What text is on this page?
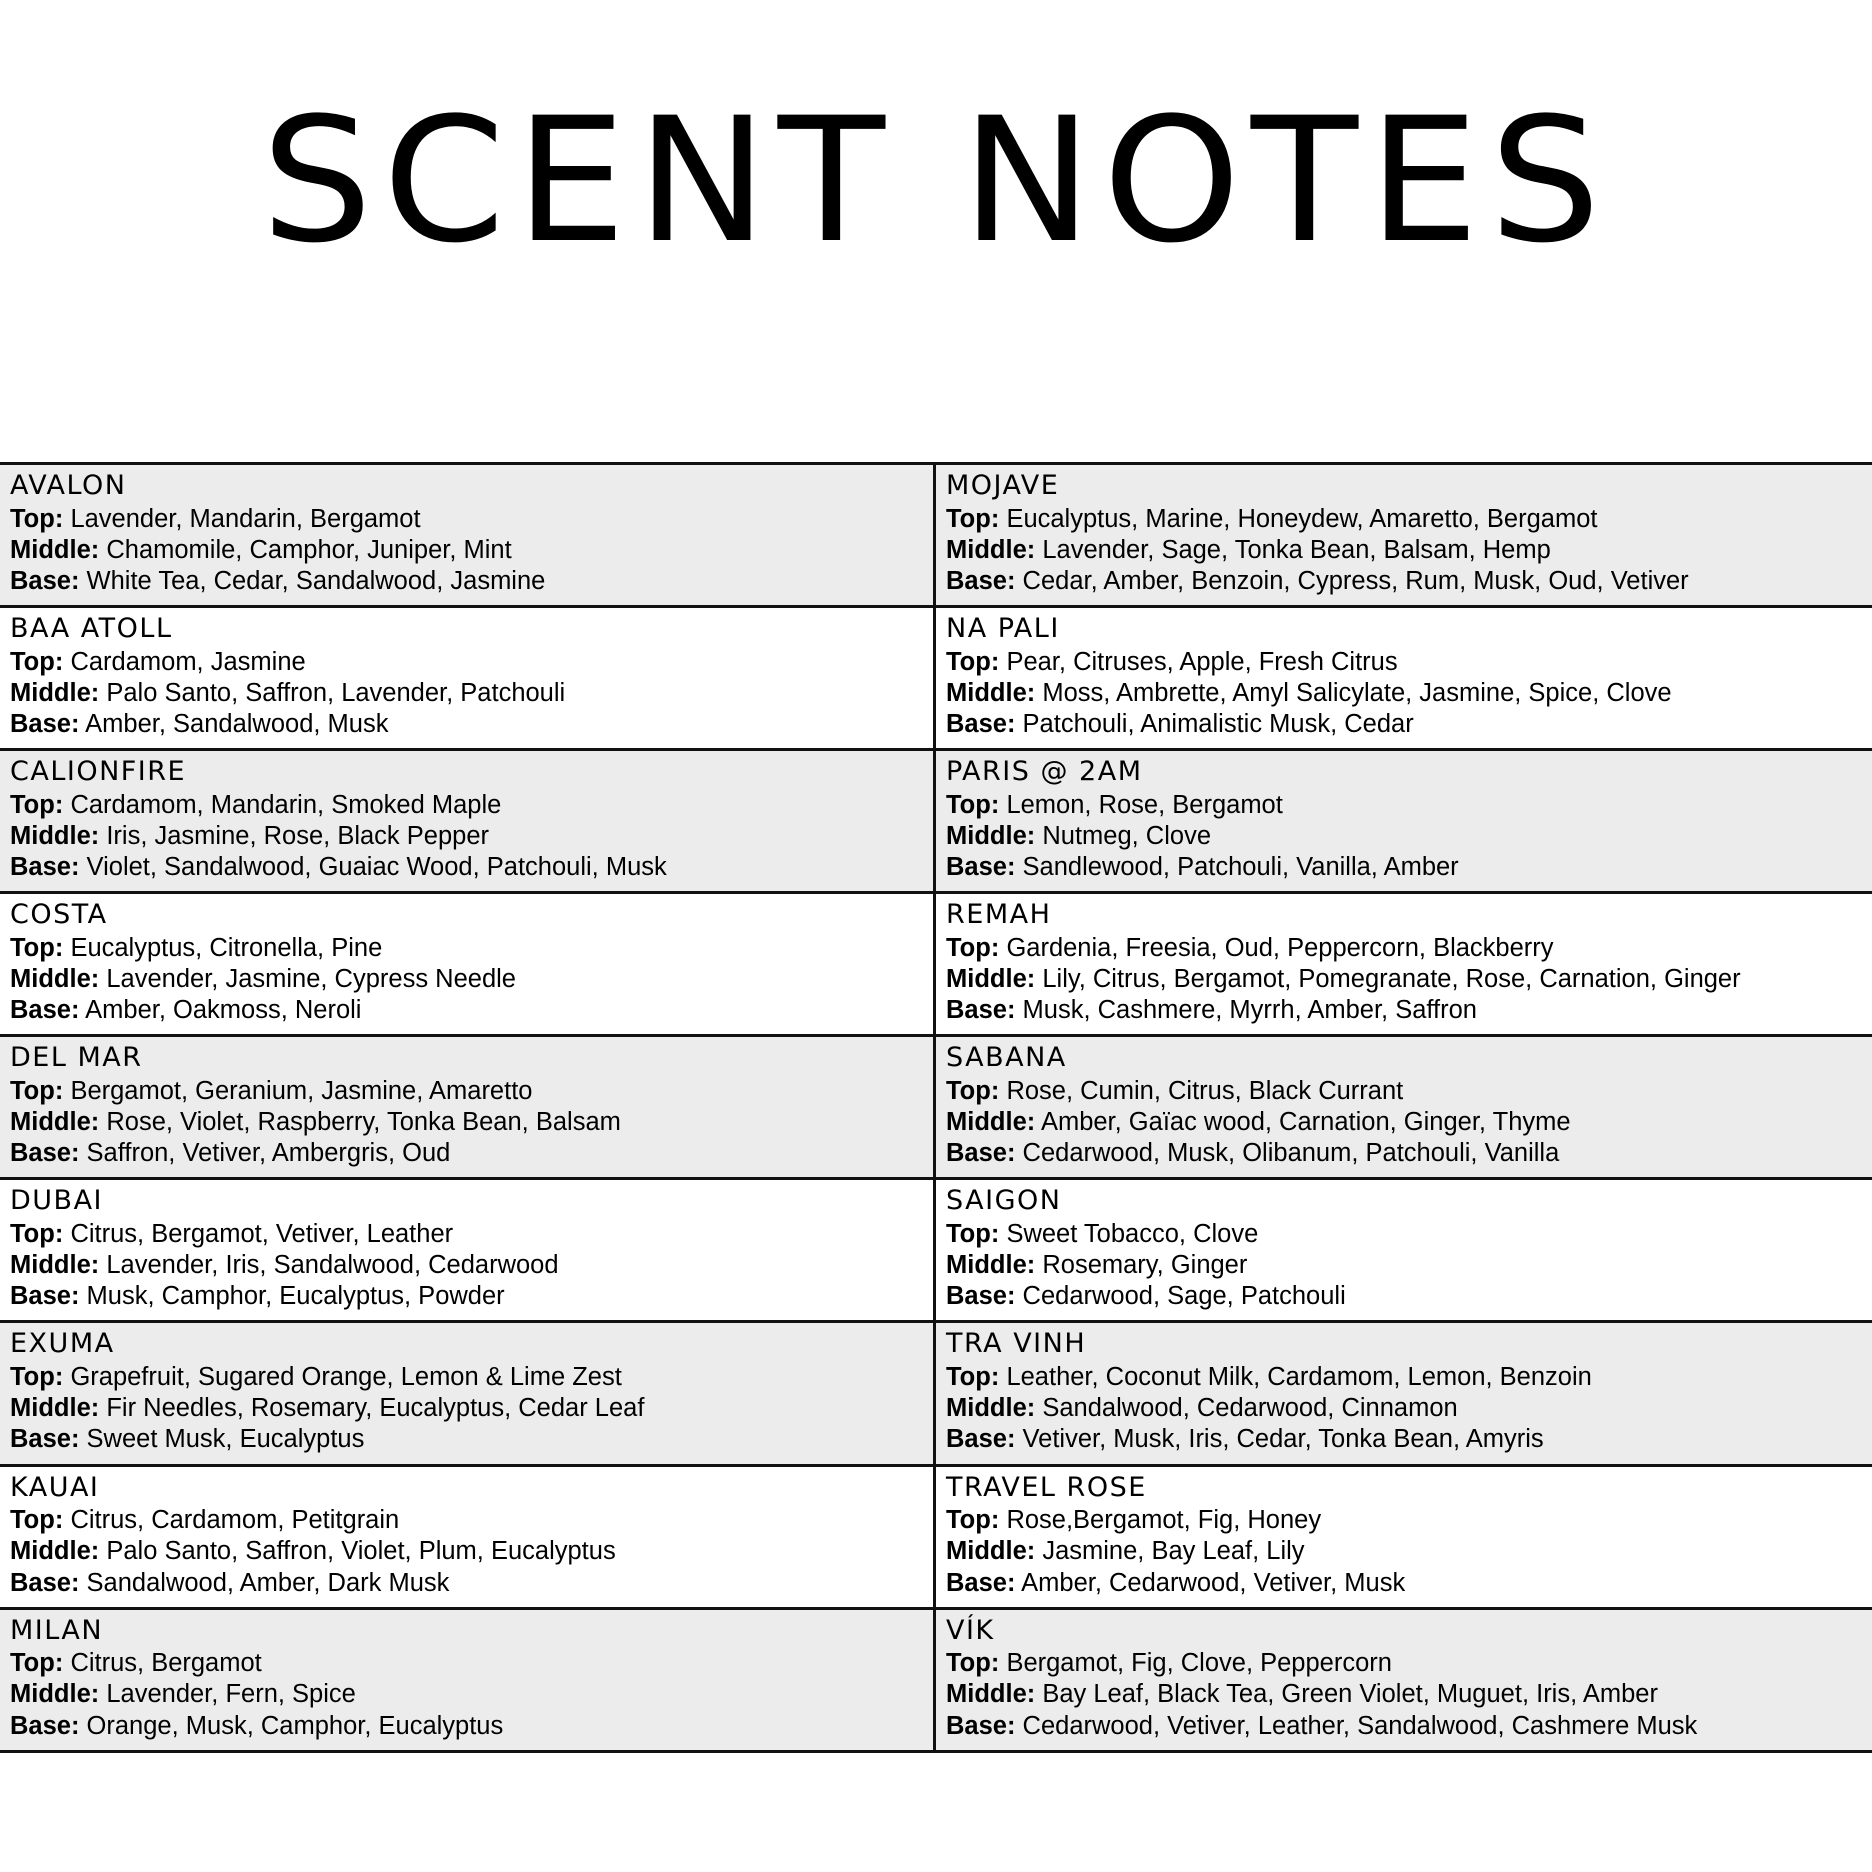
SCENT NOTES
AVALON
Top: Lavender, Mandarin, Bergamot
Middle: Chamomile, Camphor, Juniper, Mint
Base: White Tea, Cedar, Sandalwood, Jasmine
BAA ATOLL
Top: Cardamom, Jasmine
Middle: Palo Santo, Saffron, Lavender, Patchouli
Base: Amber, Sandalwood, Musk
CALIONFIRE
Top: Cardamom, Mandarin, Smoked Maple
Middle: Iris, Jasmine, Rose, Black Pepper
Base: Violet, Sandalwood, Guaiac Wood, Patchouli, Musk
COSTA
Top: Eucalyptus, Citronella, Pine
Middle: Lavender, Jasmine, Cypress Needle
Base: Amber, Oakmoss, Neroli
DEL MAR
Top: Bergamot, Geranium, Jasmine, Amaretto
Middle: Rose, Violet, Raspberry, Tonka Bean, Balsam
Base: Saffron, Vetiver, Ambergris, Oud
DUBAI
Top: Citrus, Bergamot, Vetiver, Leather
Middle: Lavender, Iris, Sandalwood, Cedarwood
Base: Musk, Camphor, Eucalyptus, Powder
EXUMA
Top: Grapefruit, Sugared Orange, Lemon & Lime Zest
Middle: Fir Needles, Rosemary, Eucalyptus, Cedar Leaf
Base: Sweet Musk, Eucalyptus
KAUAI
Top: Citrus, Cardamom, Petitgrain
Middle: Palo Santo, Saffron, Violet, Plum, Eucalyptus
Base: Sandalwood, Amber, Dark Musk
MILAN
Top: Citrus, Bergamot
Middle: Lavender, Fern, Spice
Base: Orange, Musk, Camphor, Eucalyptus
MOJAVE
Top: Eucalyptus, Marine, Honeydew, Amaretto, Bergamot
Middle: Lavender, Sage, Tonka Bean, Balsam, Hemp
Base: Cedar, Amber, Benzoin, Cypress, Rum, Musk, Oud, Vetiver
NA PALI
Top: Pear, Citruses, Apple, Fresh Citrus
Middle: Moss, Ambrette, Amyl Salicylate, Jasmine, Spice, Clove
Base: Patchouli, Animalistic Musk, Cedar
PARIS @ 2AM
Top: Lemon, Rose, Bergamot
Middle: Nutmeg, Clove
Base: Sandlewood, Patchouli, Vanilla, Amber
REMAH
Top: Gardenia, Freesia, Oud, Peppercorn, Blackberry
Middle: Lily, Citrus, Bergamot, Pomegranate, Rose, Carnation, Ginger
Base: Musk, Cashmere, Myrrh, Amber, Saffron
SABANA
Top: Rose, Cumin, Citrus, Black Currant
Middle: Amber, Gaïac wood, Carnation, Ginger, Thyme
Base: Cedarwood, Musk, Olibanum, Patchouli, Vanilla
SAIGON
Top: Sweet Tobacco, Clove
Middle: Rosemary, Ginger
Base: Cedarwood, Sage, Patchouli
TRA VINH
Top: Leather, Coconut Milk, Cardamom, Lemon, Benzoin
Middle: Sandalwood, Cedarwood, Cinnamon
Base: Vetiver, Musk, Iris, Cedar, Tonka Bean, Amyris
TRAVEL ROSE
Top: Rose,Bergamot, Fig, Honey
Middle: Jasmine, Bay Leaf, Lily
Base: Amber, Cedarwood, Vetiver, Musk
VÍK
Top: Bergamot, Fig, Clove, Peppercorn
Middle: Bay Leaf, Black Tea, Green Violet, Muguet, Iris, Amber
Base: Cedarwood, Vetiver, Leather, Sandalwood, Cashmere Musk
